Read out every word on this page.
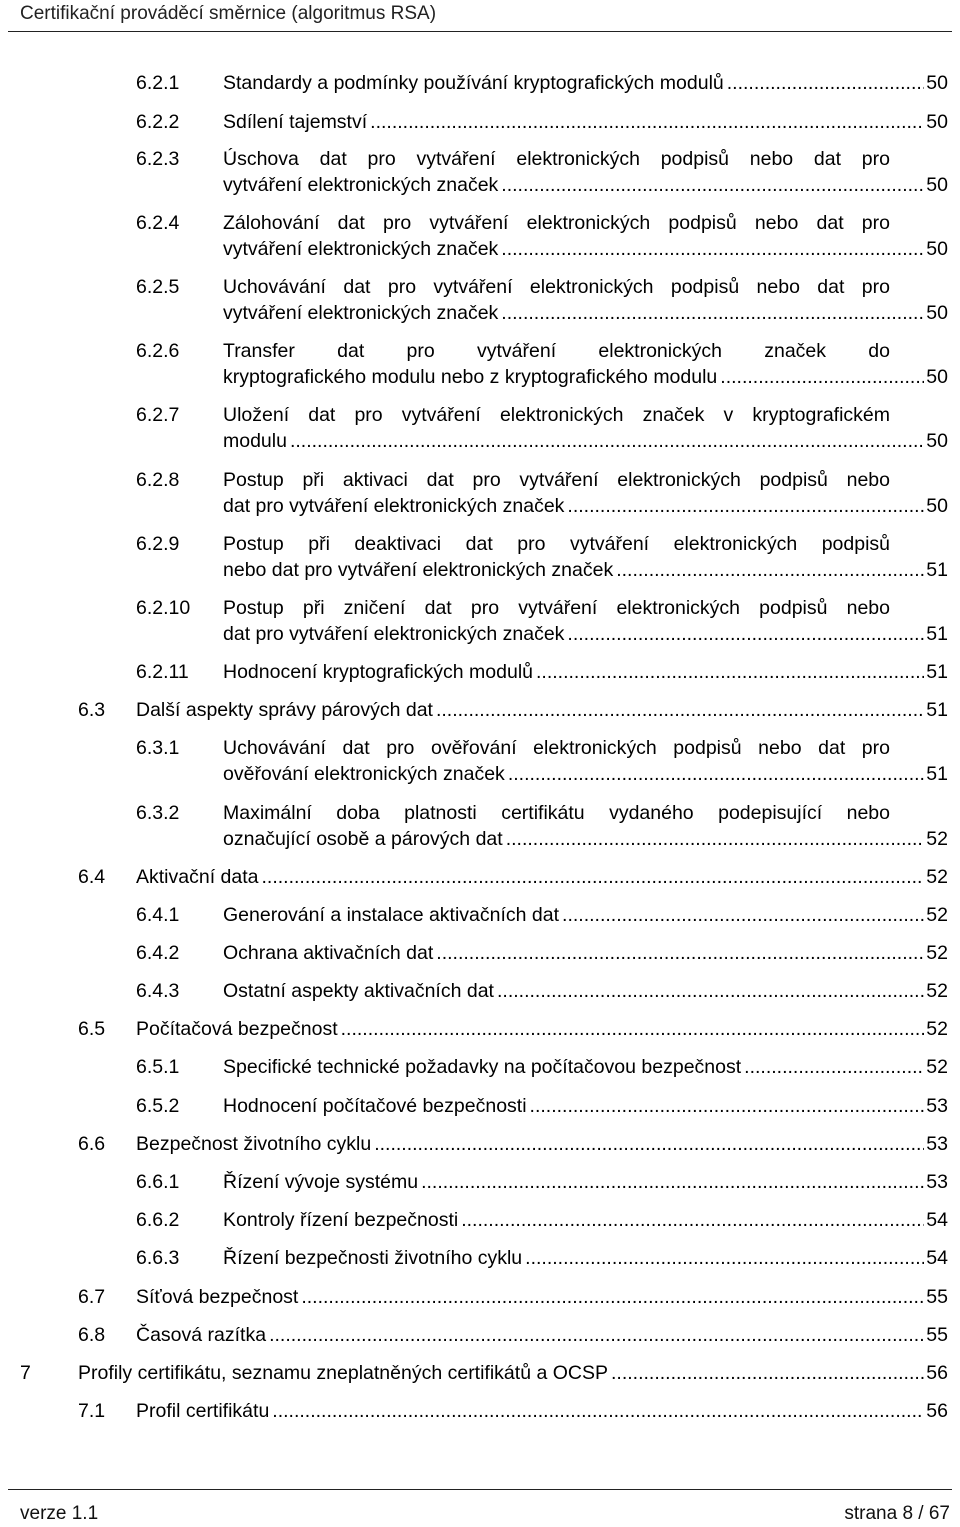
Certifikační prováděcí směrnice (algoritmus RSA)
6.2.1 Standardy a podmínky používání kryptografických modulů .....	50
6.2.2 Sdílení tajemství .....	50
6.2.3 Úschova dat pro vytváření elektronických podpisů nebo dat pro
vytváření elektronických značek .....	50
6.2.4 Zálohování dat pro vytváření elektronických podpisů nebo dat pro
vytváření elektronických značek .....	50
6.2.5 Uchovávání dat pro vytváření elektronických podpisů nebo dat pro
vytváření elektronických značek .....	50
6.2.6 Transfer dat pro vytváření elektronických značek do
kryptografického modulu nebo z kryptografického modulu .....	50
6.2.7 Uložení dat pro vytváření elektronických značek v kryptografickém
modulu .....	50
6.2.8 Postup při aktivaci dat pro vytváření elektronických podpisů nebo
dat pro vytváření elektronických značek .....	50
6.2.9 Postup při deaktivaci dat pro vytváření elektronických podpisů
nebo dat pro vytváření elektronických značek .....	51
6.2.10 Postup při zničení dat pro vytváření elektronických podpisů nebo
dat pro vytváření elektronických značek .....	51
6.2.11 Hodnocení kryptografických modulů .....	51
6.3 Další aspekty správy párových dat .....	51
6.3.1 Uchovávání dat pro ověřování elektronických podpisů nebo dat pro
ověřování elektronických značek .....	51
6.3.2 Maximální doba platnosti certifikátu vydaného podepisující nebo
označující osobě a párových dat .....	52
6.4 Aktivační data .....	52
6.4.1 Generování a instalace aktivačních dat .....	52
6.4.2 Ochrana aktivačních dat .....	52
6.4.3 Ostatní aspekty aktivačních dat .....	52
6.5 Počítačová bezpečnost .....	52
6.5.1 Specifické technické požadavky na počítačovou bezpečnost .....	52
6.5.2 Hodnocení počítačové bezpečnosti .....	53
6.6 Bezpečnost životního cyklu .....	53
6.6.1 Řízení vývoje systému .....	53
6.6.2 Kontroly řízení bezpečnosti .....	54
6.6.3 Řízení bezpečnosti životního cyklu .....	54
6.7 Síťová bezpečnost .....	55
6.8 Časová razítka .....	55
7 Profily certifikátu, seznamu zneplatněných certifikátů a OCSP .....	56
7.1 Profil certifikátu .....	56
verze 1.1	strana 8 / 67
